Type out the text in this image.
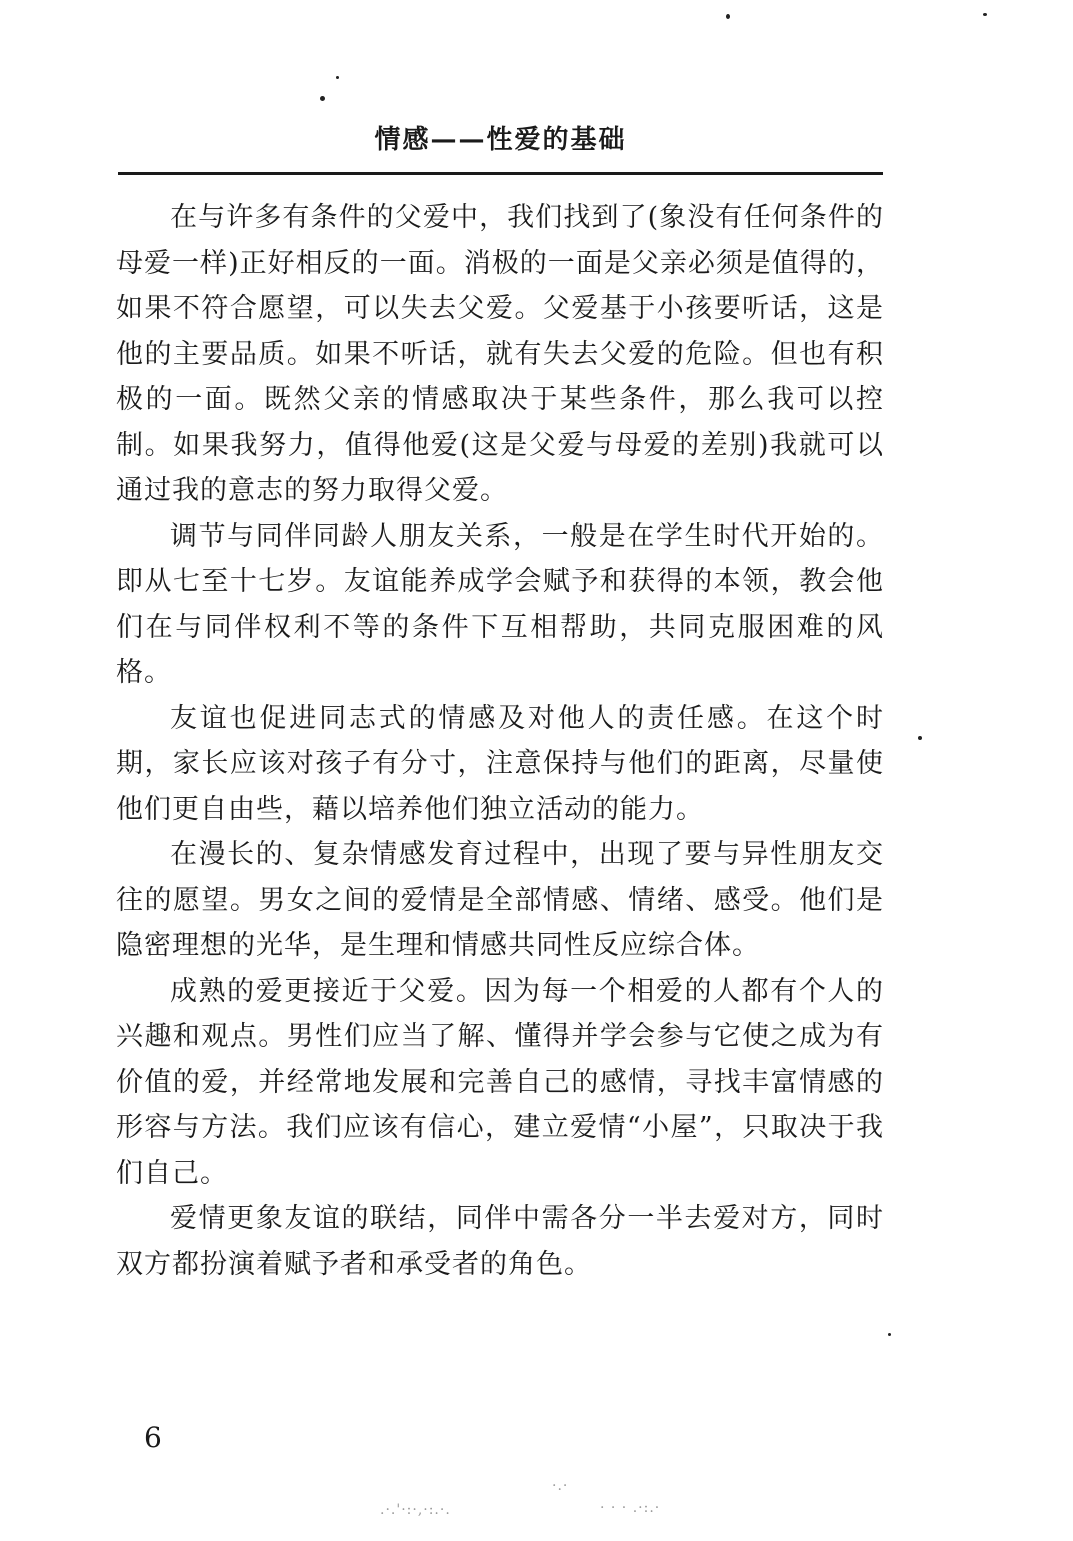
情感——性爱的基础

在与许多有条件的父爱中，我们找到了(象没有任何条件的母爱一样)正好相反的一面。消极的一面是父亲必须是值得的，如果不符合愿望，可以失去父爱。父爱基于小孩要听话，这是他的主要品质。如果不听话，就有失去父爱的危险。但也有积极的一面。既然父亲的情感取决于某些条件，那么我可以控制。如果我努力，值得他爱(这是父爱与母爱的差别)我就可以通过我的意志的努力取得父爱。

调节与同伴同龄人朋友关系，一般是在学生时代开始的。即从七至十七岁。友谊能养成学会赋予和获得的本领，教会他们在与同伴权利不等的条件下互相帮助，共同克服困难的风格。

友谊也促进同志式的情感及对他人的责任感。在这个时期，家长应该对孩子有分寸，注意保持与他们的距离，尽量使他们更自由些，藉以培养他们独立活动的能力。

在漫长的、复杂情感发育过程中，出现了要与异性朋友交往的愿望。男女之间的爱情是全部情感、情绪、感受。他们是隐密理想的光华，是生理和情感共同性反应综合体。

成熟的爱更接近于父爱。因为每一个相爱的人都有个人的兴趣和观点。男性们应当了解、懂得并学会参与它使之成为有价值的爱，并经常地发展和完善自己的感情，寻找丰富情感的形容与方法。我们应该有信心，建立爱情“小屋”，只取决于我们自己。

爱情更象友谊的联结，同伴中需各分一半去爱对方，同时双方都扮演着赋予者和承受者的角色。

6
.·.'·:·,·:.·.
·.·
· · · .·:.·
